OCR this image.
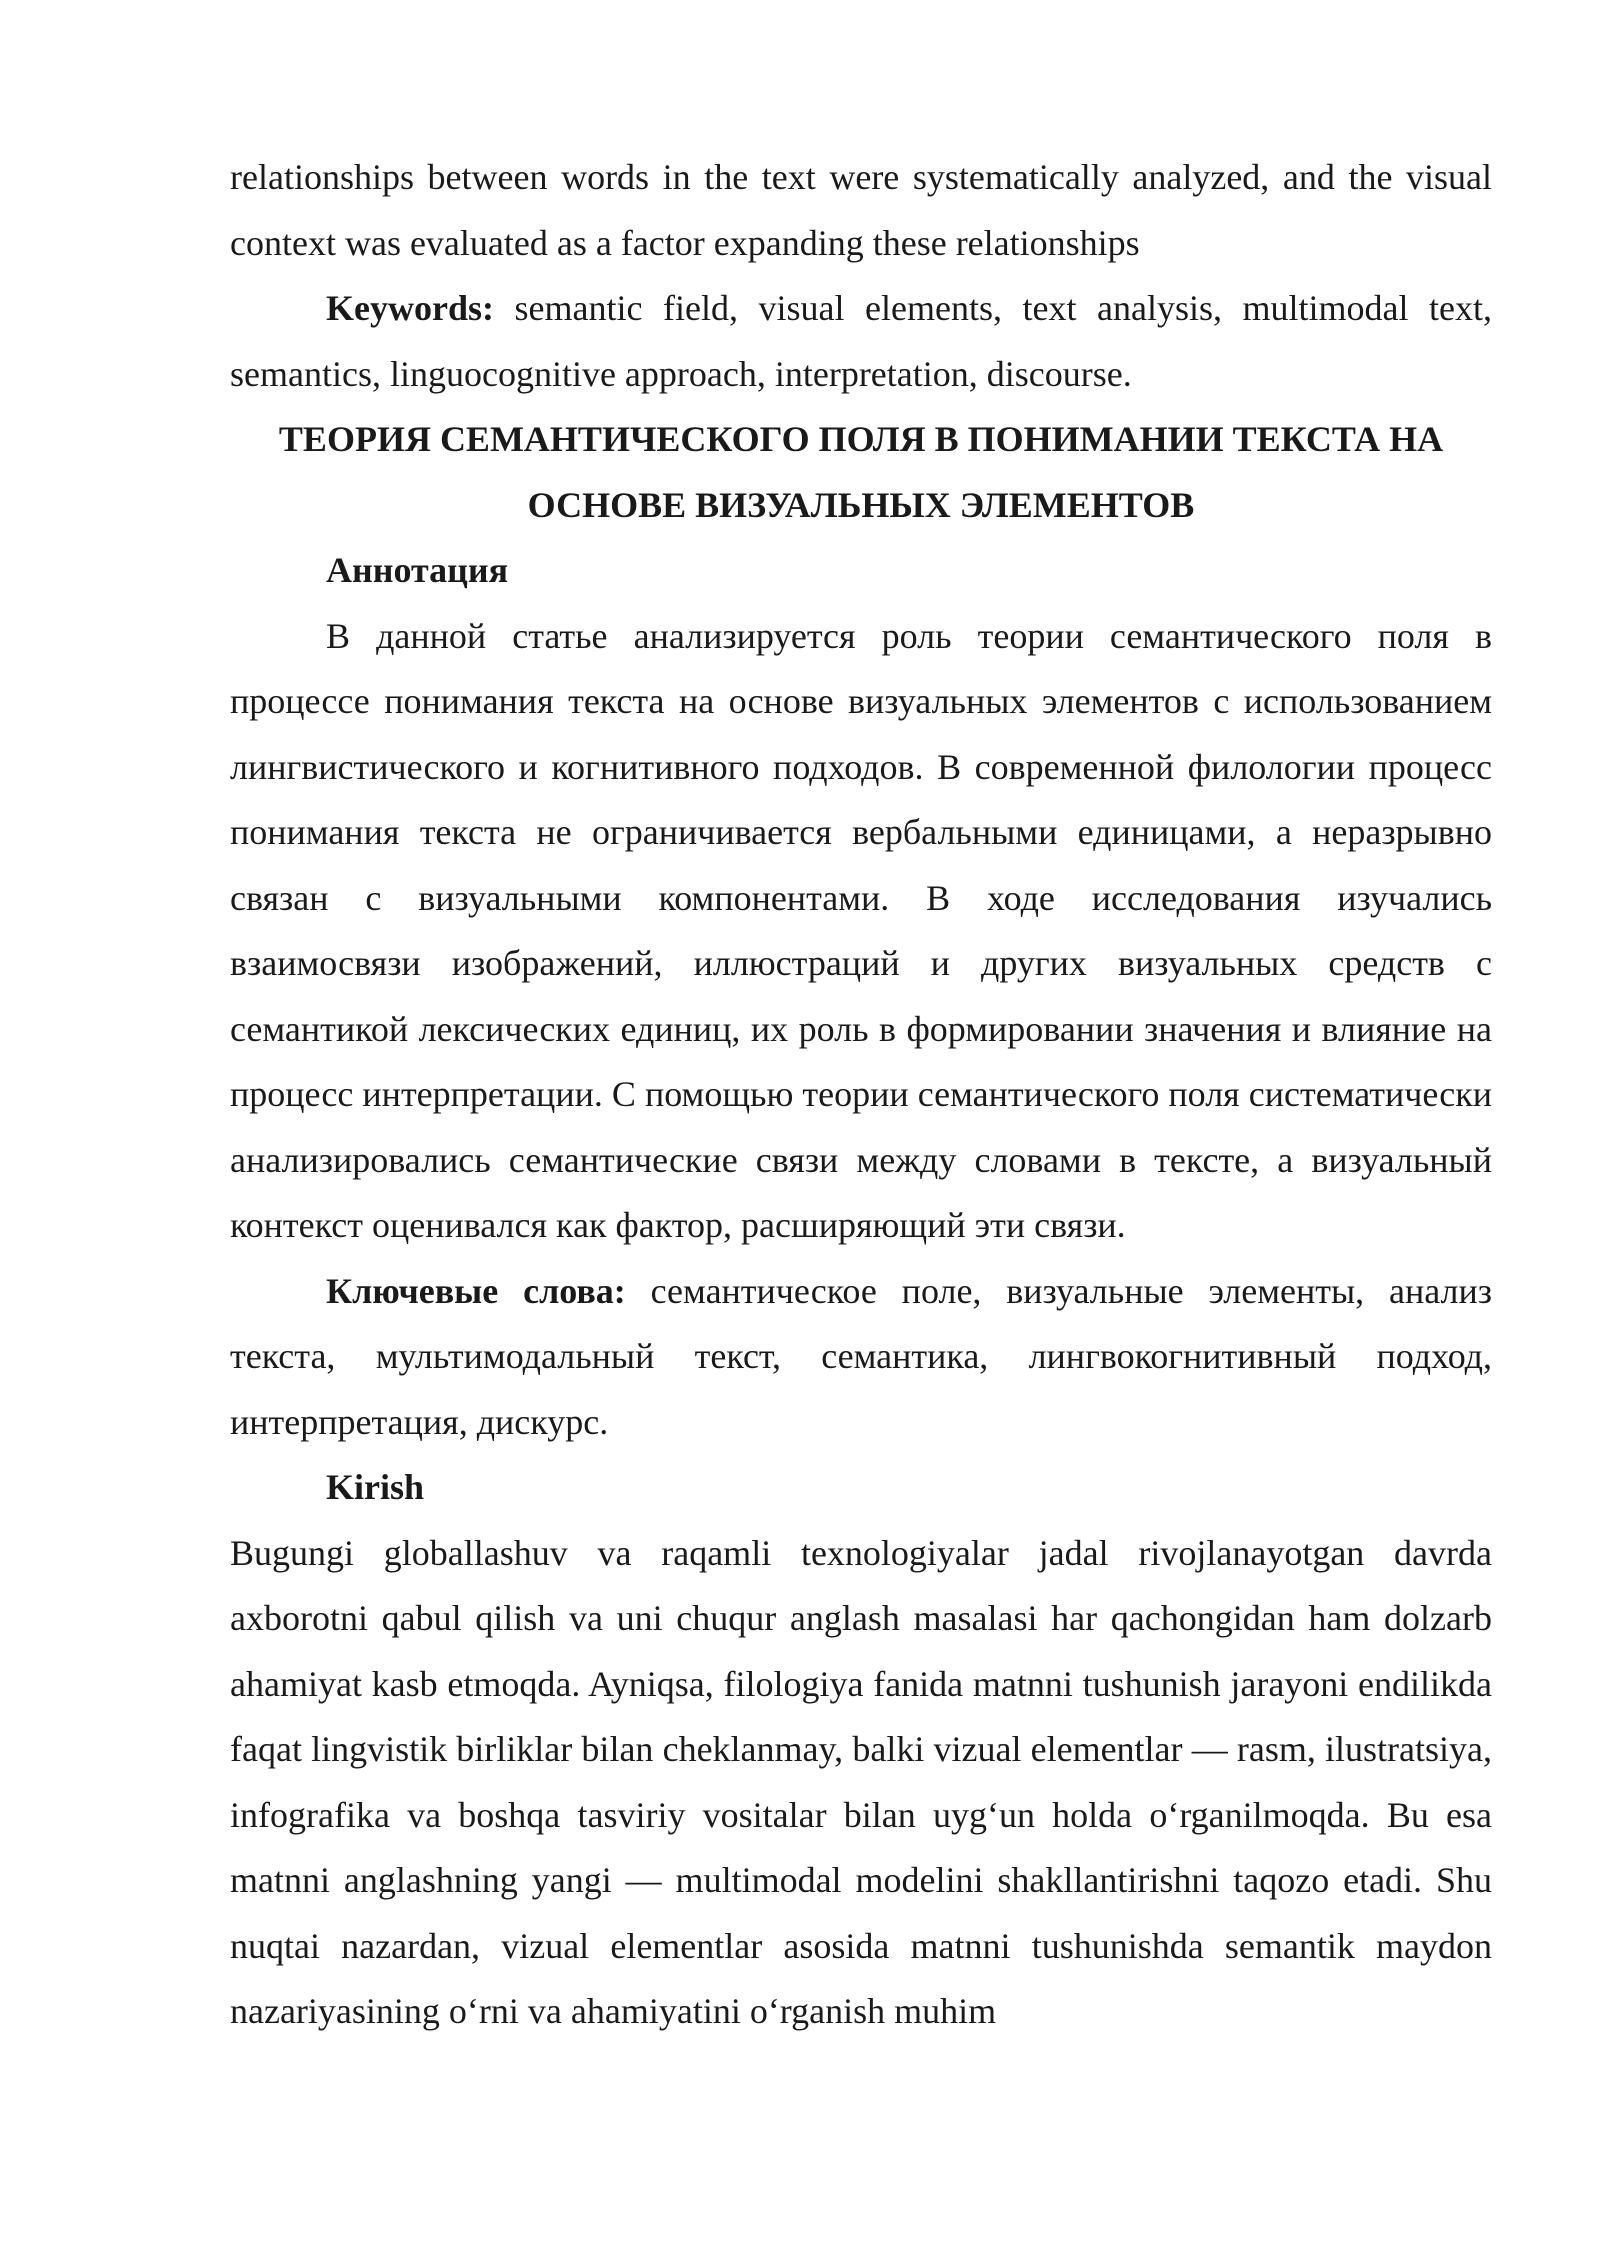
relationships between words in the text were systematically analyzed, and the visual context was evaluated as a factor expanding these relationships

Keywords: semantic field, visual elements, text analysis, multimodal text, semantics, linguocognitive approach, interpretation, discourse.

ТЕОРИЯ СЕМАНТИЧЕСКОГО ПОЛЯ В ПОНИМАНИИ ТЕКСТА НА ОСНОВЕ ВИЗУАЛЬНЫХ ЭЛЕМЕНТОВ

Аннотация

В данной статье анализируется роль теории семантического поля в процессе понимания текста на основе визуальных элементов с использованием лингвистического и когнитивного подходов. В современной филологии процесс понимания текста не ограничивается вербальными единицами, а неразрывно связан с визуальными компонентами. В ходе исследования изучались взаимосвязи изображений, иллюстраций и других визуальных средств с семантикой лексических единиц, их роль в формировании значения и влияние на процесс интерпретации. С помощью теории семантического поля систематически анализировались семантические связи между словами в тексте, а визуальный контекст оценивался как фактор, расширяющий эти связи.

Ключевые слова: семантическое поле, визуальные элементы, анализ текста, мультимодальный текст, семантика, лингвокогнитивный подход, интерпретация, дискурс.

Kirish

Bugungi globallashuv va raqamli texnologiyalar jadal rivojlanayotgan davrda axborotni qabul qilish va uni chuqur anglash masalasi har qachongidan ham dolzarb ahamiyat kasb etmoqda. Ayniqsa, filologiya fanida matnni tushunish jarayoni endilikda faqat lingvistik birliklar bilan cheklanmay, balki vizual elementlar — rasm, ilustratsiya, infografika va boshqa tasviriy vositalar bilan uyg‘un holda o‘rganilmoqda. Bu esa matnni anglashning yangi — multimodal modelini shakllantirishni taqozo etadi. Shu nuqtai nazardan, vizual elementlar asosida matnni tushunishda semantik maydon nazariyasining o‘rni va ahamiyatini o‘rganish muhim
